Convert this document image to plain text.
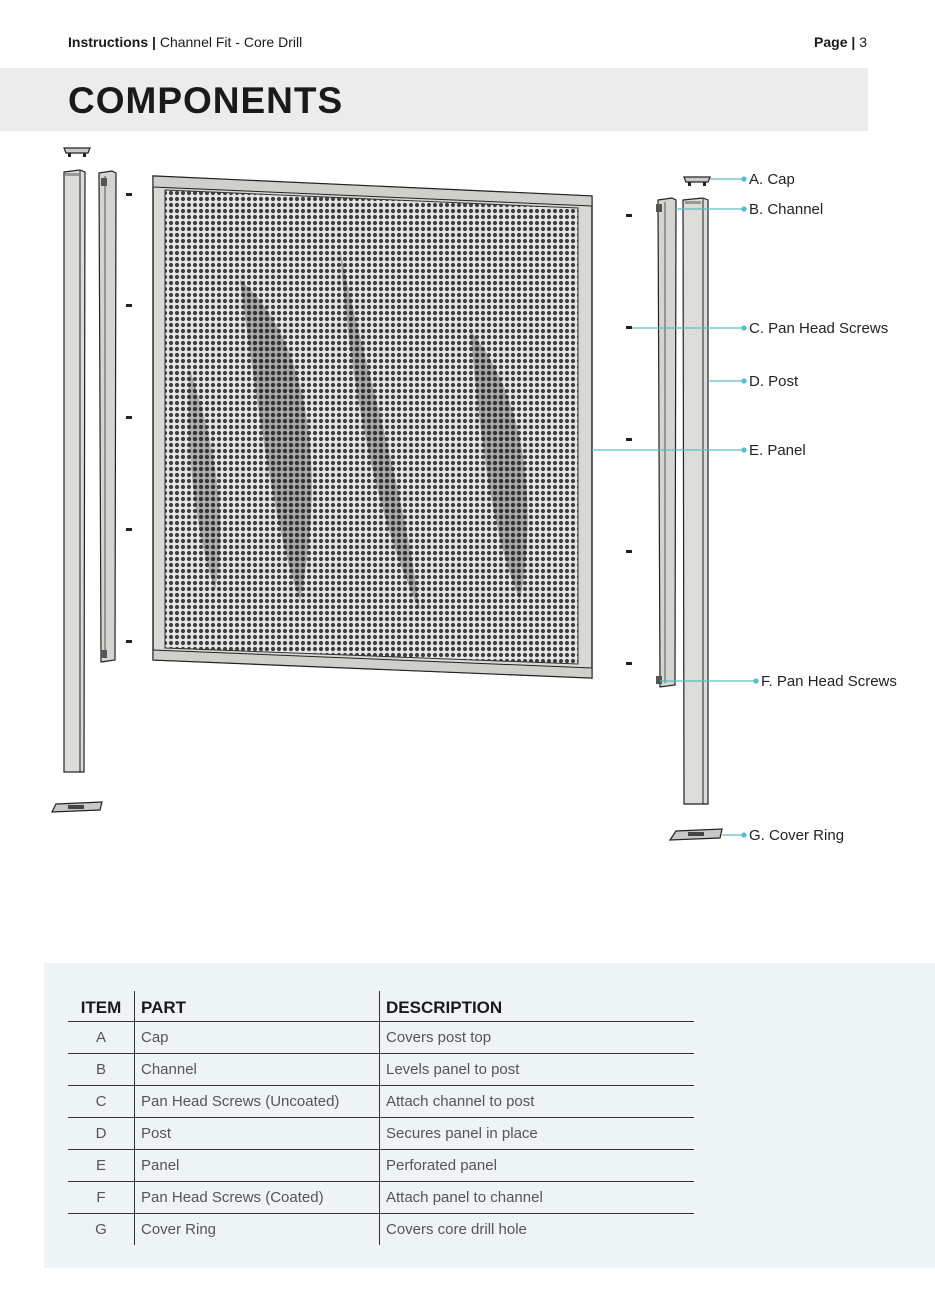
Instructions | Channel Fit - Core Drill	Page | 3
COMPONENTS
A. Cap
B. Channel
C. Pan Head Screws
D. Post
E. Panel
F. Pan Head Screws
G. Cover Ring
ITEM	PART	DESCRIPTION
A	Cap	Covers post top
B	Channel	Levels panel to post
C	Pan Head Screws (Uncoated)	Attach channel to post
D	Post	Secures panel in place
E	Panel	Perforated panel
F	Pan Head Screws (Coated)	Attach panel to channel
G	Cover Ring	Covers core drill hole
